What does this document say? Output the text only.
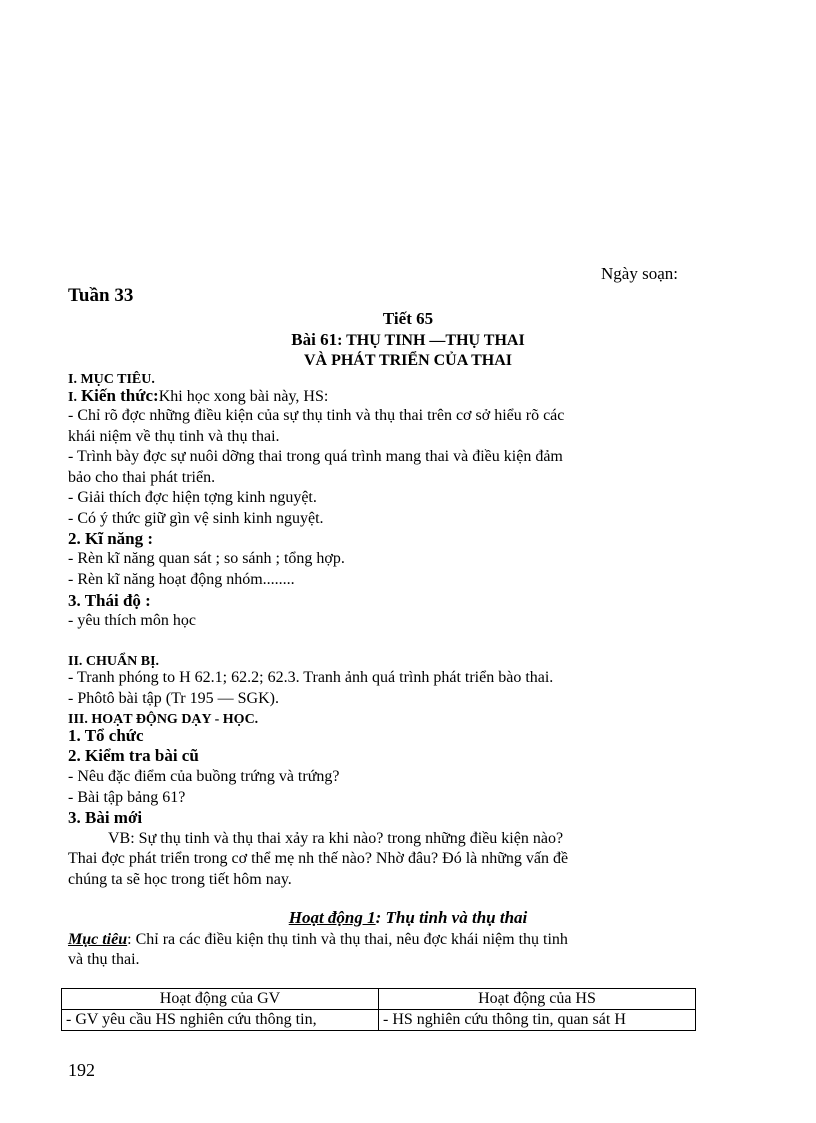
Ngày soạn:
Tuần 33
Tiết 65
Bài 61: THỤ TINH —THỤ THAI
VÀ PHÁT TRIỂN CỦA THAI
I. MỤC TIÊU.
I. Kiến thức:Khi học xong bài này, HS:
- Chỉ rõ đợc những điều kiện của sự thụ tinh và thụ thai trên cơ sở hiểu rõ các
khái niệm về thụ tinh và thụ thai.
- Trình bày đợc sự nuôi dỡng thai trong quá trình mang thai và điều kiện đảm
bảo cho thai phát triển.
- Giải thích đợc hiện tợng kinh nguyệt.
- Có ý thức giữ gìn vệ sinh kinh nguyệt.
2. Kĩ năng :
- Rèn kĩ năng quan sát ; so sánh ; tổng hợp.
- Rèn kĩ năng hoạt động nhóm........
3. Thái độ :
- yêu thích môn học
II. CHUẨN BỊ.
- Tranh phóng to H 62.1; 62.2; 62.3. Tranh ảnh quá trình phát triển bào thai.
- Phôtô bài tập (Tr 195 — SGK).
III. HOẠT ĐỘNG DẠY - HỌC.
1. Tổ chức
2. Kiểm tra bài cũ
- Nêu đặc điểm của buồng trứng và trứng?
- Bài tập bảng 61?
3. Bài mới
VB: Sự thụ tinh và thụ thai xảy ra khi nào? trong những điều kiện nào?
Thai đợc phát triển trong cơ thể mẹ nh thế nào? Nhờ đâu? Đó là những vấn đề
chúng ta sẽ học trong tiết hôm nay.
Hoạt động 1: Thụ tinh và thụ thai
Mục tiêu: Chỉ ra các điều kiện thụ tinh và thụ thai, nêu đợc khái niệm thụ tinh
và thụ thai.
Hoạt động của GV	Hoạt động của HS
- GV yêu cầu HS nghiên cứu thông tin,	- HS nghiên cứu thông tin, quan sát H
192
